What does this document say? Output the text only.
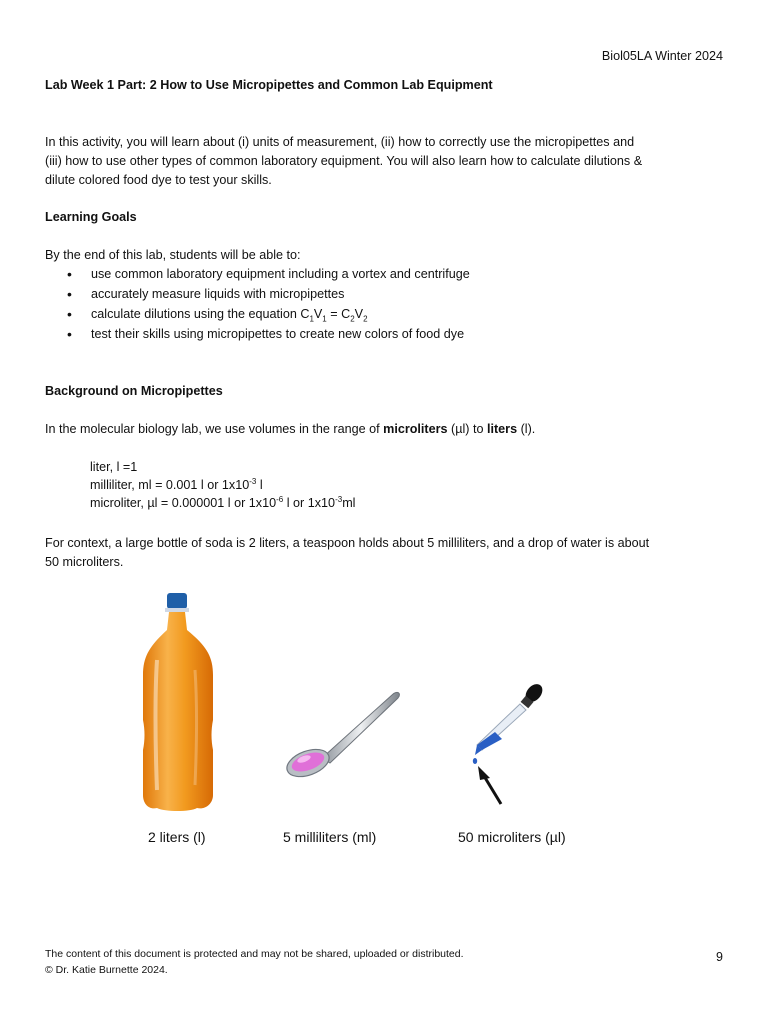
Biol05LA Winter 2024
Lab Week 1 Part: 2 How to Use Micropipettes and Common Lab Equipment
In this activity, you will learn about (i) units of measurement, (ii) how to correctly use the micropipettes and
(iii) how to use other types of common laboratory equipment. You will also learn how to calculate dilutions &
dilute colored food dye to test your skills.
Learning Goals
By the end of this lab, students will be able to:
• use common laboratory equipment including a vortex and centrifuge
• accurately measure liquids with micropipettes
• calculate dilutions using the equation $C_1V_1 = C_2V_2$
• test their skills using micropipettes to create new colors of food dye
Background on Micropipettes
In the molecular biology lab, we use volumes in the range of microliters (µl) to liters (l).
liter, l =1
milliliter, ml = 0.001 l or $1x10^{-3}$ l
microliter, µl = 0.000001 l or $1x10^{-6}$ l or $1x10^{-3}ml$
For context, a large bottle of soda is 2 liters, a teaspoon holds about 5 milliliters, and a drop of water is about
50 microliters.
2 liters (l)	5 milliliters (ml)	50 microliters (µl)
The content of this document is protected and may not be shared, uploaded or distributed.
© Dr. Katie Burnette 2024.
9
